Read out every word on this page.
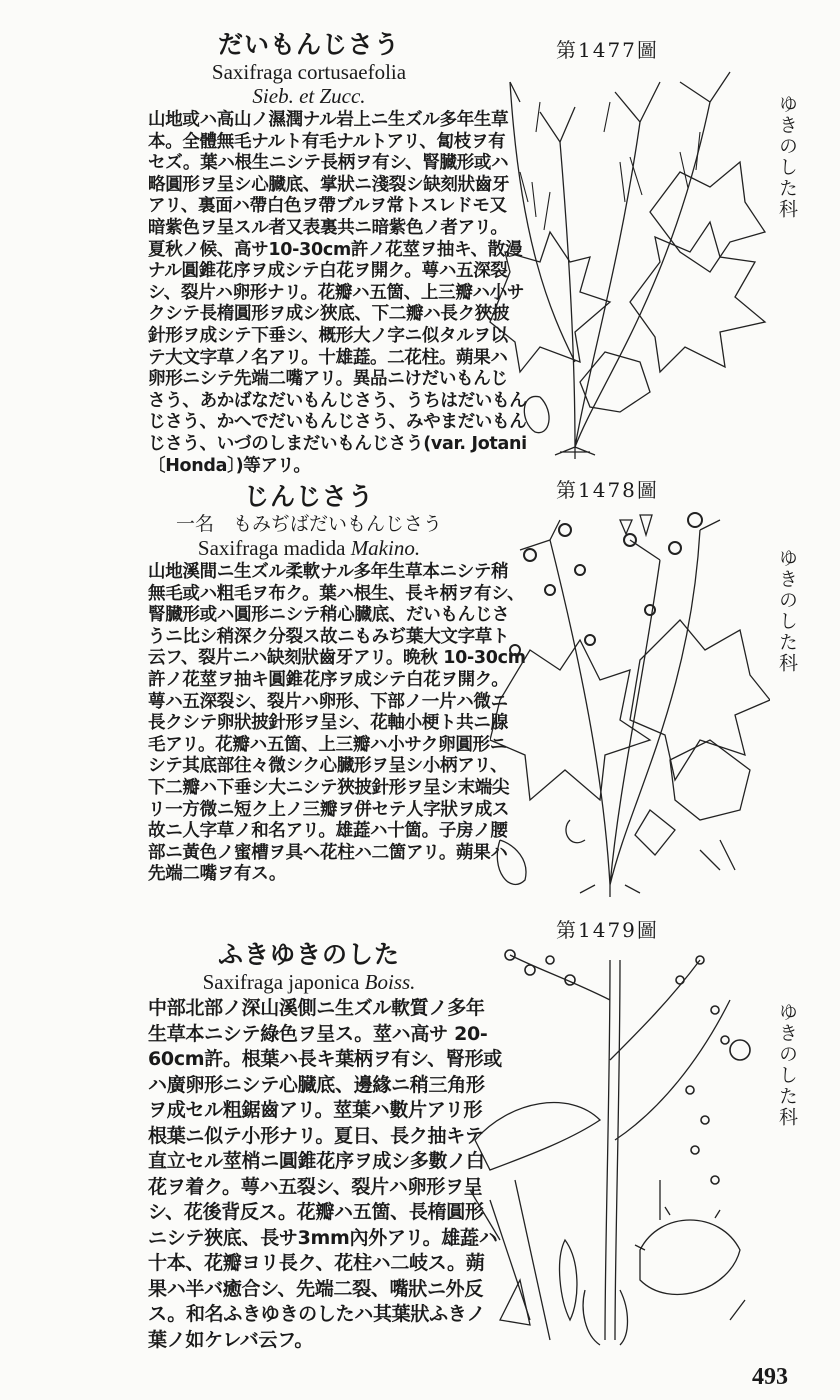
だいもんじさう
Saxifraga cortusaefolia
Sieb. et Zucc.
山地或ハ高山ノ濕潤ナル岩上ニ生ズル多年生草
本。全體無毛ナルト有毛ナルトアリ、匐枝ヲ有
セズ。葉ハ根生ニシテ長柄ヲ有シ、腎臓形或ハ
略圓形ヲ呈シ心臓底、掌狀ニ淺裂シ缺刻狀齒牙
アリ、裏面ハ帶白色ヲ帶ブルヲ常トスレドモ又
暗紫色ヲ呈スル者又表裏共ニ暗紫色ノ者アリ。
夏秋ノ候、高サ10-30cm許ノ花莖ヲ抽キ、散漫
ナル圓錐花序ヲ成シテ白花ヲ開ク。萼ハ五深裂
シ、裂片ハ卵形ナリ。花瓣ハ五箇、上三瓣ハ小サ
クシテ長楕圓形ヲ成シ狹底、下二瓣ハ長ク狹披
針形ヲ成シテ下垂シ、概形大ノ字ニ似タルヲ以
テ大文字草ノ名アリ。十雄蕋。二花柱。蒴果ハ
卵形ニシテ先端二嘴アリ。異品ニけだいもんじ
さう、あかばなだいもんじさう、うちはだいもん
じさう、かへでだいもんじさう、みやまだいもん
じさう、いづのしまだいもんじさう(var. Jotani
〔Honda〕)等アリ。
じんじさう
一名　もみぢばだいもんじさう
Saxifraga madida Makino.
山地溪間ニ生ズル柔軟ナル多年生草本ニシテ稍
無毛或ハ粗毛ヲ布ク。葉ハ根生、長キ柄ヲ有シ、
腎臓形或ハ圓形ニシテ稍心臓底、だいもんじさ
うニ比シ稍深ク分裂ス故ニもみぢ葉大文字草ト
云フ、裂片ニハ缺刻狀齒牙アリ。晩秋 10-30cm
許ノ花莖ヲ抽キ圓錐花序ヲ成シテ白花ヲ開ク。
萼ハ五深裂シ、裂片ハ卵形、下部ノ一片ハ微ニ
長クシテ卵狀披針形ヲ呈シ、花軸小梗ト共ニ腺
毛アリ。花瓣ハ五箇、上三瓣ハ小サク卵圓形ニ
シテ其底部往々微シク心臓形ヲ呈シ小柄アリ、
下二瓣ハ下垂シ大ニシテ狹披針形ヲ呈シ末端尖
リ一方微ニ短ク上ノ三瓣ヲ併セテ人字狀ヲ成ス
故ニ人字草ノ和名アリ。雄蕋ハ十箇。子房ノ腰
部ニ黃色ノ蜜槽ヲ具ヘ花柱ハ二箇アリ。蒴果ハ
先端二嘴ヲ有ス。
ふきゆきのした
Saxifraga japonica Boiss.
中部北部ノ深山溪側ニ生ズル軟質ノ多年
生草本ニシテ綠色ヲ呈ス。莖ハ高サ 20-
60cm許。根葉ハ長キ葉柄ヲ有シ、腎形或
ハ廣卵形ニシテ心臓底、邊緣ニ稍三角形
ヲ成セル粗鋸齒アリ。莖葉ハ數片アリ形
根葉ニ似テ小形ナリ。夏日、長ク抽キテ
直立セル莖梢ニ圓錐花序ヲ成シ多數ノ白
花ヲ着ク。萼ハ五裂シ、裂片ハ卵形ヲ呈
シ、花後背反ス。花瓣ハ五箇、長楕圓形
ニシテ狹底、長サ3mm內外アリ。雄蕋ハ
十本、花瓣ヨリ長ク、花柱ハ二岐ス。蒴
果ハ半バ癒合シ、先端二裂、嘴狀ニ外反
ス。和名ふきゆきのしたハ其葉狀ふきノ
葉ノ如ケレバ云フ。
第1477圖
第1478圖
第1479圖
ゆきのした科
ゆきのした科
ゆきのした科
493
